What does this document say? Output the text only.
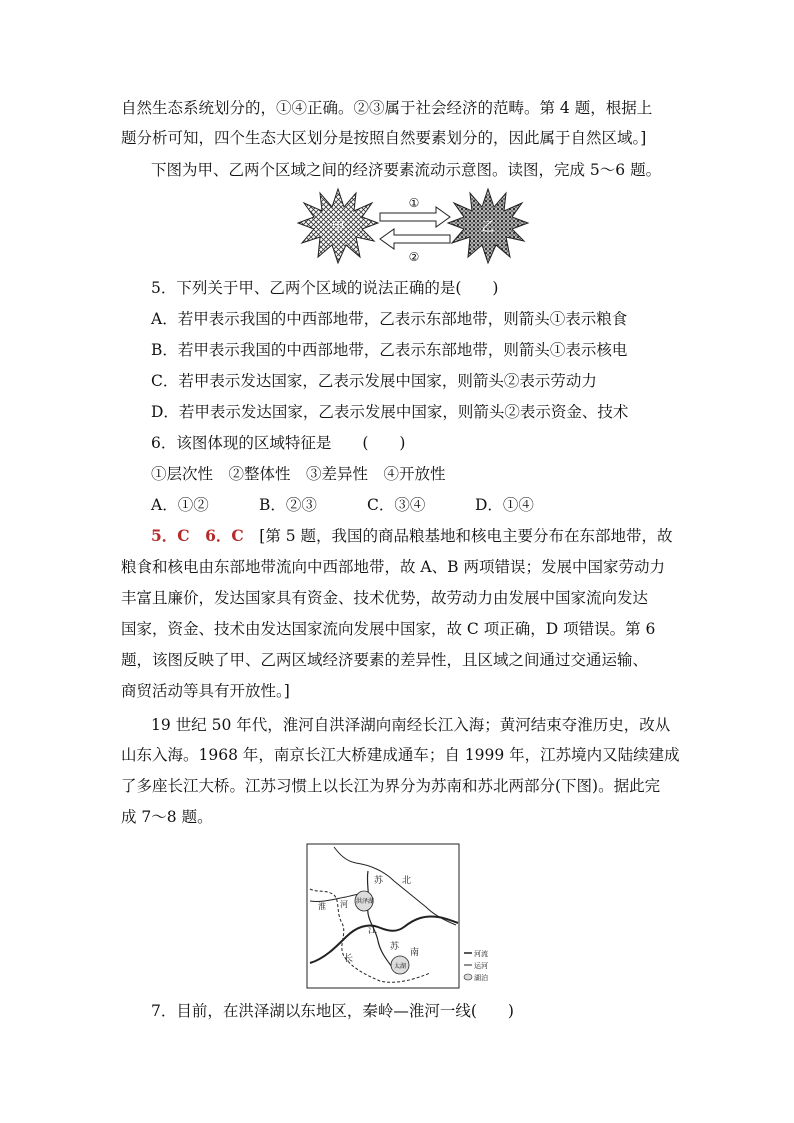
自然生态系统划分的，①④正确。②③属于社会经济的范畴。第 4 题，根据上
题分析可知，四个生态大区划分是按照自然要素划分的，因此属于自然区域。]
下图为甲、乙两个区域之间的经济要素流动示意图。读图，完成 5～6 题。
甲	乙
①
②
5．下列关于甲、乙两个区域的说法正确的是(　　)
A．若甲表示我国的中西部地带，乙表示东部地带，则箭头①表示粮食
B．若甲表示我国的中西部地带，乙表示东部地带，则箭头①表示核电
C．若甲表示发达国家，乙表示发展中国家，则箭头②表示劳动力
D．若甲表示发达国家，乙表示发展中国家，则箭头②表示资金、技术
6．该图体现的区域特征是　　(　　)
①层次性　②整体性　③差异性　④开放性
A．①②	B．②③	C．③④	D．①④
5．C　6．C　 [第 5 题，我国的商品粮基地和核电主要分布在东部地带，故
粮食和核电由东部地带流向中西部地带，故 A、B 两项错误；发展中国家劳动力
丰富且廉价，发达国家具有资金、技术优势，故劳动力由发展中国家流向发达
国家，资金、技术由发达国家流向发展中国家，故 C 项正确，D 项错误。第 6
题，该图反映了甲、乙两区域经济要素的差异性，且区域之间通过交通运输、
商贸活动等具有开放性。]
19 世纪 50 年代，淮河自洪泽湖向南经长江入海；黄河结束夺淮历史，改从
山东入海。1968 年，南京长江大桥建成通车；自 1999 年，江苏境内又陆续建成
了多座长江大桥。江苏习惯上以长江为界分为苏南和苏北两部分(下图)。据此完
成 7～8 题。
苏 北
淮 河 洪泽湖
江
长
苏
南
太湖
河流
运河
湖泊
7．目前，在洪泽湖以东地区，秦岭—淮河一线(　　)
